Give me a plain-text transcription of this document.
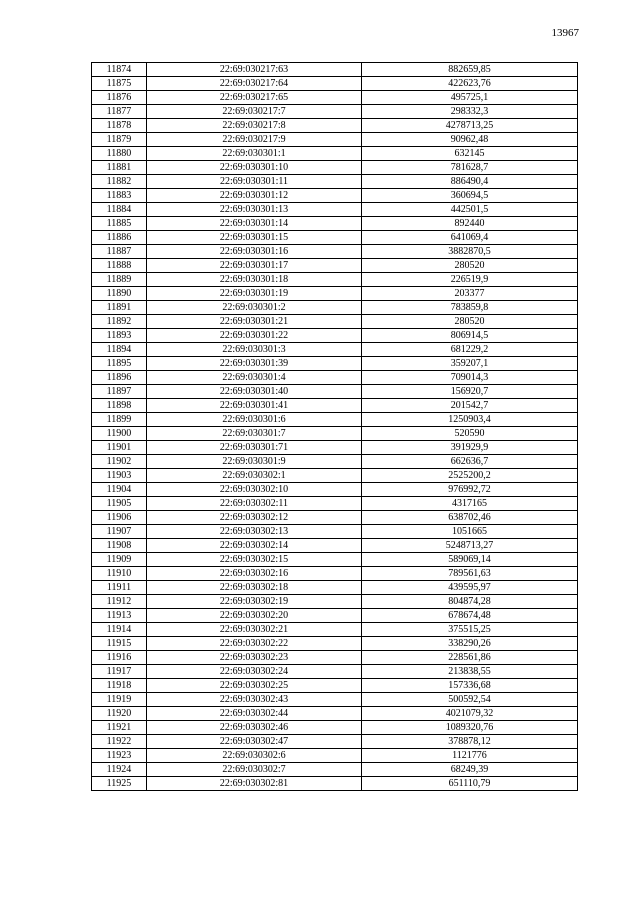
13967
11874	22:69:030217:63	882659,85
11875	22:69:030217:64	422623,76
11876	22:69:030217:65	495725,1
11877	22:69:030217:7	298332,3
11878	22:69:030217:8	4278713,25
11879	22:69:030217:9	90962,48
11880	22:69:030301:1	632145
11881	22:69:030301:10	781628,7
11882	22:69:030301:11	886490,4
11883	22:69:030301:12	360694,5
11884	22:69:030301:13	442501,5
11885	22:69:030301:14	892440
11886	22:69:030301:15	641069,4
11887	22:69:030301:16	3882870,5
11888	22:69:030301:17	280520
11889	22:69:030301:18	226519,9
11890	22:69:030301:19	203377
11891	22:69:030301:2	783859,8
11892	22:69:030301:21	280520
11893	22:69:030301:22	806914,5
11894	22:69:030301:3	681229,2
11895	22:69:030301:39	359207,1
11896	22:69:030301:4	709014,3
11897	22:69:030301:40	156920,7
11898	22:69:030301:41	201542,7
11899	22:69:030301:6	1250903,4
11900	22:69:030301:7	520590
11901	22:69:030301:71	391929,9
11902	22:69:030301:9	662636,7
11903	22:69:030302:1	2525200,2
11904	22:69:030302:10	976992,72
11905	22:69:030302:11	4317165
11906	22:69:030302:12	638702,46
11907	22:69:030302:13	1051665
11908	22:69:030302:14	5248713,27
11909	22:69:030302:15	589069,14
11910	22:69:030302:16	789561,63
11911	22:69:030302:18	439595,97
11912	22:69:030302:19	804874,28
11913	22:69:030302:20	678674,48
11914	22:69:030302:21	375515,25
11915	22:69:030302:22	338290,26
11916	22:69:030302:23	228561,86
11917	22:69:030302:24	213838,55
11918	22:69:030302:25	157336,68
11919	22:69:030302:43	500592,54
11920	22:69:030302:44	4021079,32
11921	22:69:030302:46	1089320,76
11922	22:69:030302:47	378878,12
11923	22:69:030302:6	1121776
11924	22:69:030302:7	68249,39
11925	22:69:030302:81	651110,79
